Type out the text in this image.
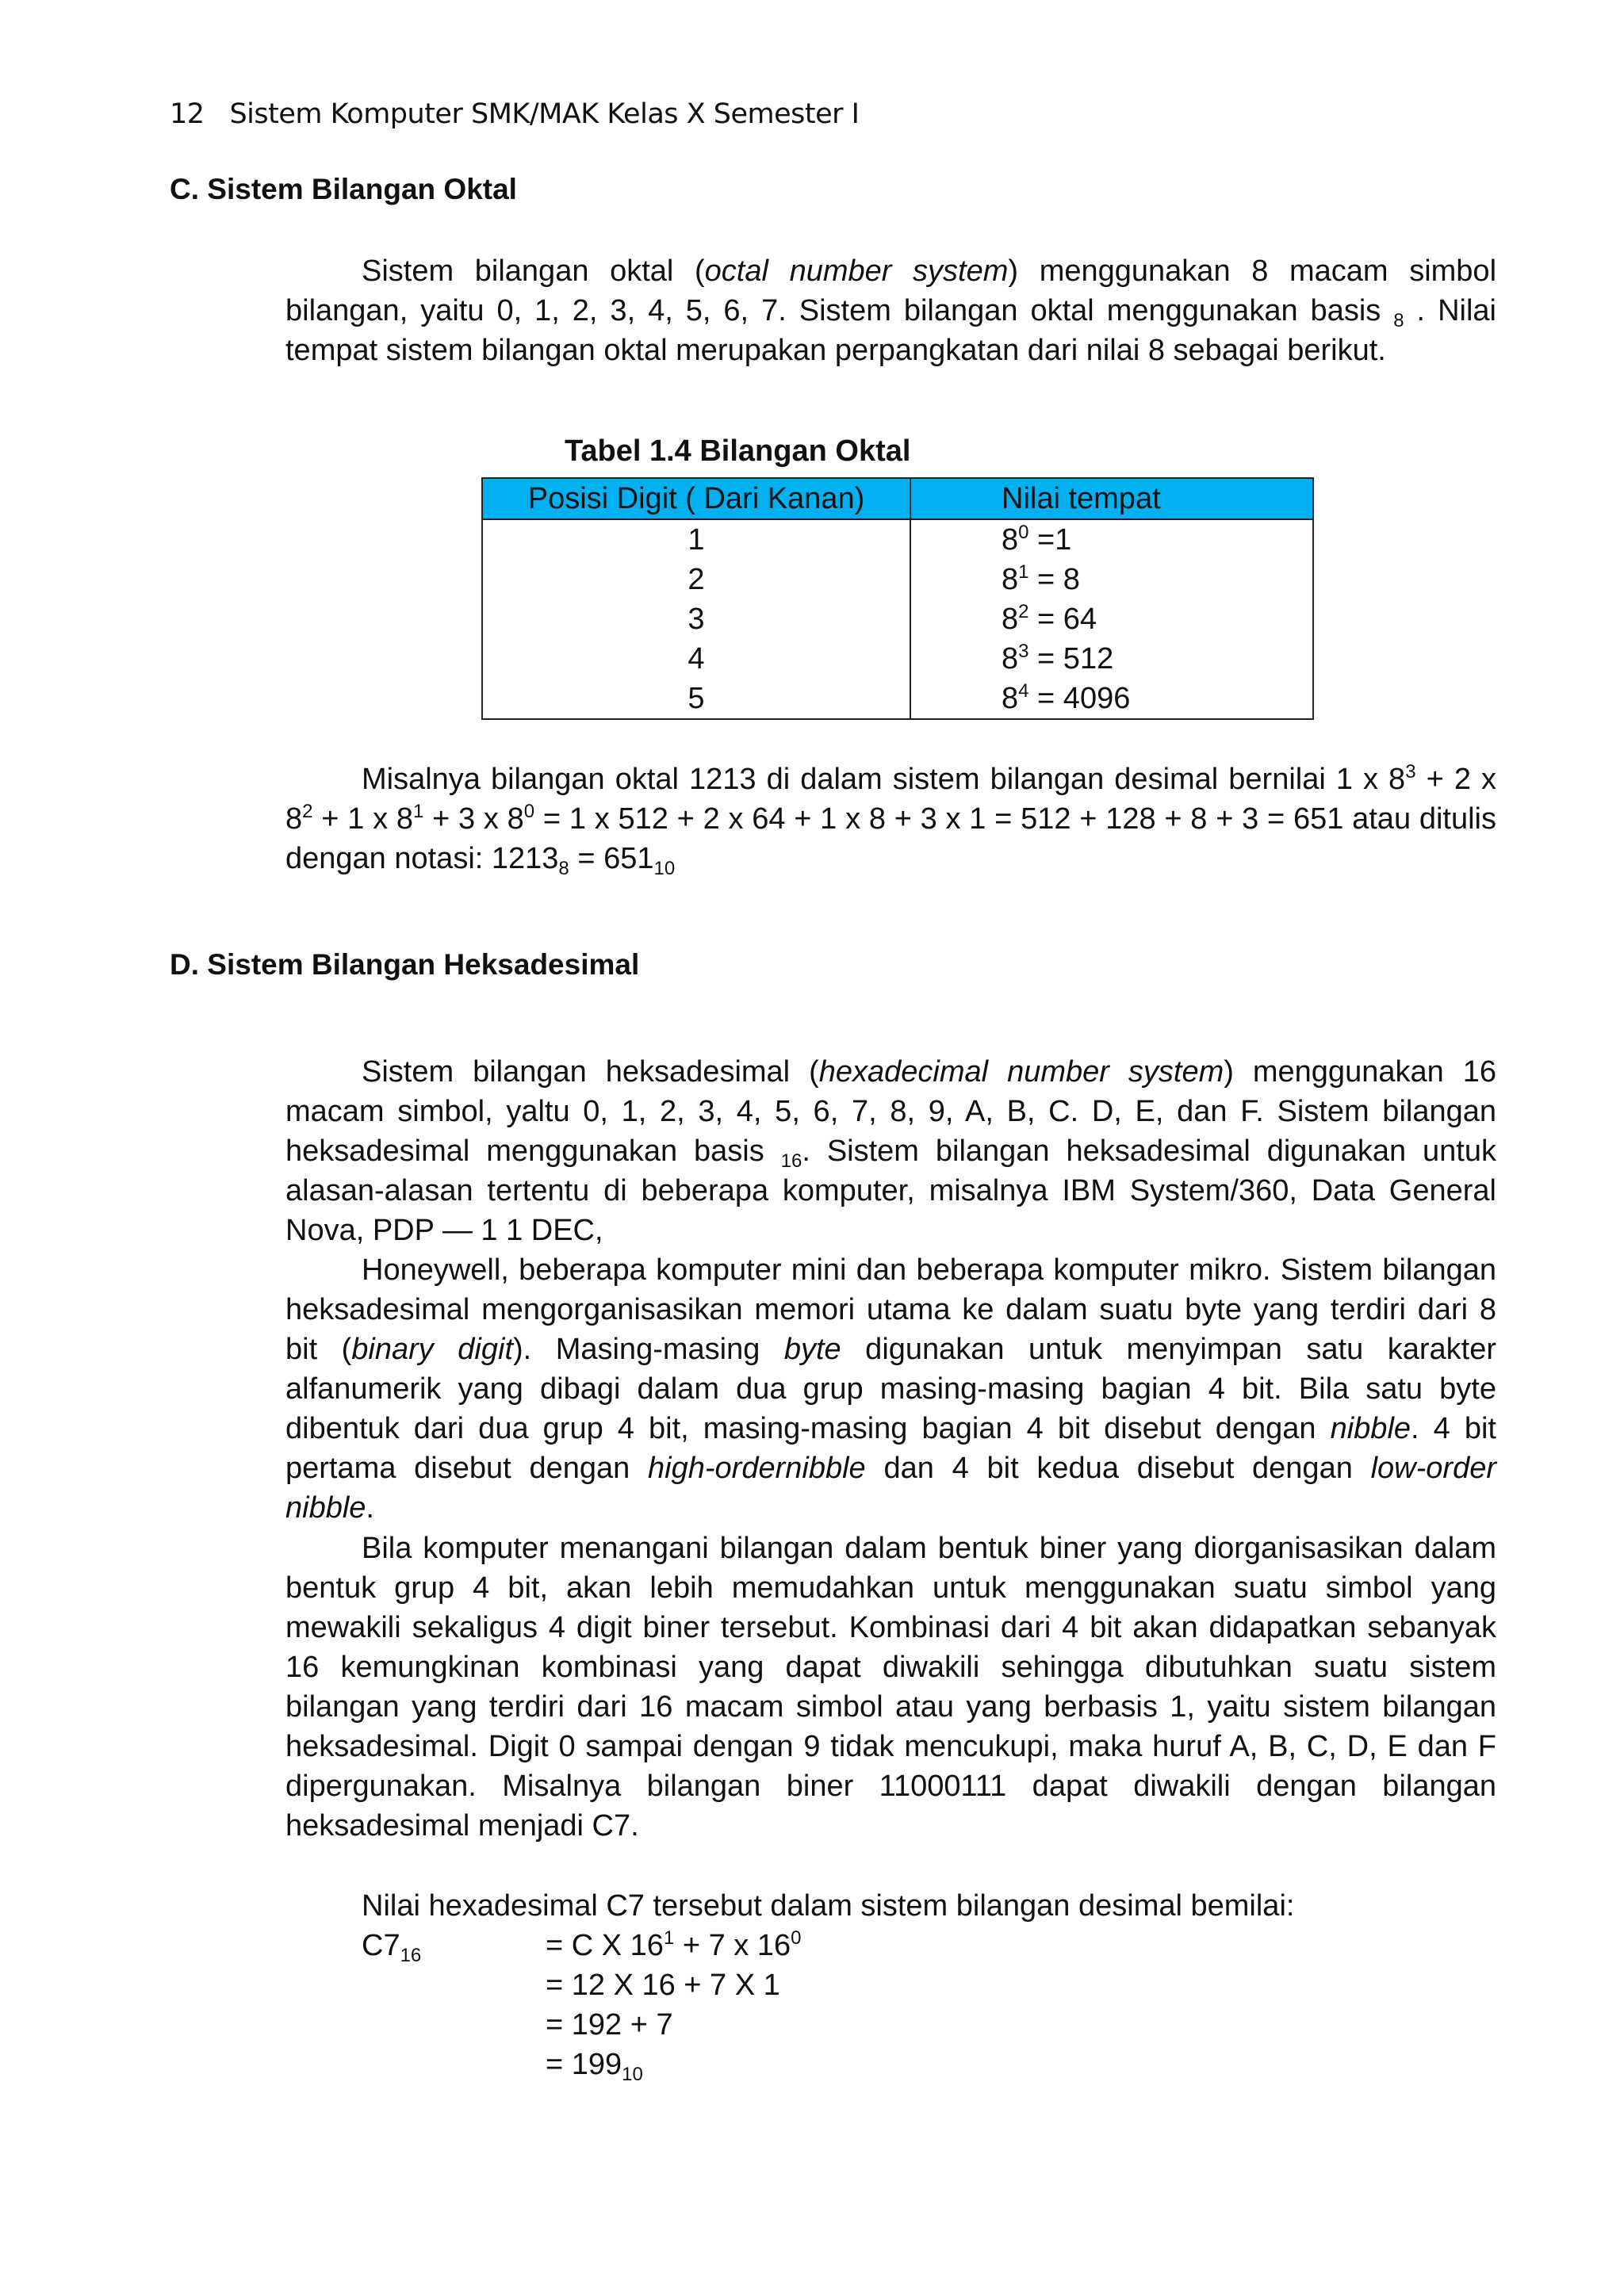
12 Sistem Komputer SMK/MAK Kelas X Semester I
C. Sistem Bilangan Oktal

Sistem bilangan oktal (octal number system) menggunakan 8 macam simbol bilangan, yaitu 0, 1, 2, 3, 4, 5, 6, 7. Sistem bilangan oktal menggunakan basis $_8$ . Nilai tempat sistem bilangan oktal merupakan perpangkatan dari nilai 8 sebagai berikut.

Tabel 1.4 Bilangan Oktal
Posisi Digit ( Dari Kanan)	Nilai tempat
1	$8^0 =1$
2	$8^1 = 8$
3	$8^2 = 64$
4	$8^3 = 512$
5	$8^4 = 4096$

Misalnya bilangan oktal 1213 di dalam sistem bilangan desimal bernilai 1 x $8^3 + 2$ x $8^2 + 1$ x $8^1 + 3$ x $8^0 = 1$ x 512 + 2 x 64 + 1 x 8 + 3 x 1 = 512 + 128 + 8 + 3 = 651 atau ditulis dengan notasi: $1213_8 = 651_{10}$

D. Sistem Bilangan Heksadesimal

Sistem bilangan heksadesimal (hexadecimal number system) menggunakan 16 macam simbol, yaltu 0, 1, 2, 3, 4, 5, 6, 7, 8, 9, A, B, C. D, E, dan F. Sistem bilangan heksadesimal menggunakan basis $_{16}$. Sistem bilangan heksadesimal digunakan untuk alasan-alasan tertentu di beberapa komputer, misalnya IBM System/360, Data General Nova, PDP — 1 1 DEC,

Honeywell, beberapa komputer mini dan beberapa komputer mikro. Sistem bilangan heksadesimal mengorganisasikan memori utama ke dalam suatu byte yang terdiri dari 8 bit (binary digit). Masing-masing byte digunakan untuk menyimpan satu karakter alfanumerik yang dibagi dalam dua grup masing-masing bagian 4 bit. Bila satu byte dibentuk dari dua grup 4 bit, masing-masing bagian 4 bit disebut dengan nibble. 4 bit pertama disebut dengan high-ordernibble dan 4 bit kedua disebut dengan low-order nibble.

Bila komputer menangani bilangan dalam bentuk biner yang diorganisasikan dalam bentuk grup 4 bit, akan lebih memudahkan untuk menggunakan suatu simbol yang mewakili sekaligus 4 digit biner tersebut. Kombinasi dari 4 bit akan didapatkan sebanyak 16 kemungkinan kombinasi yang dapat diwakili sehingga dibutuhkan suatu sistem bilangan yang terdiri dari 16 macam simbol atau yang berbasis 1, yaitu sistem bilangan heksadesimal. Digit 0 sampai dengan 9 tidak mencukupi, maka huruf A, B, C, D, E dan F dipergunakan. Misalnya bilangan biner 11000111 dapat diwakili dengan bilangan heksadesimal menjadi C7.

Nilai hexadesimal C7 tersebut dalam sistem bilangan desimal bemilai:
$C7_{16}$	= C X $16^1 + 7$ x $16^0$
= 12 X 16 + 7 X 1
= 192 + 7
= $199_{10}$
